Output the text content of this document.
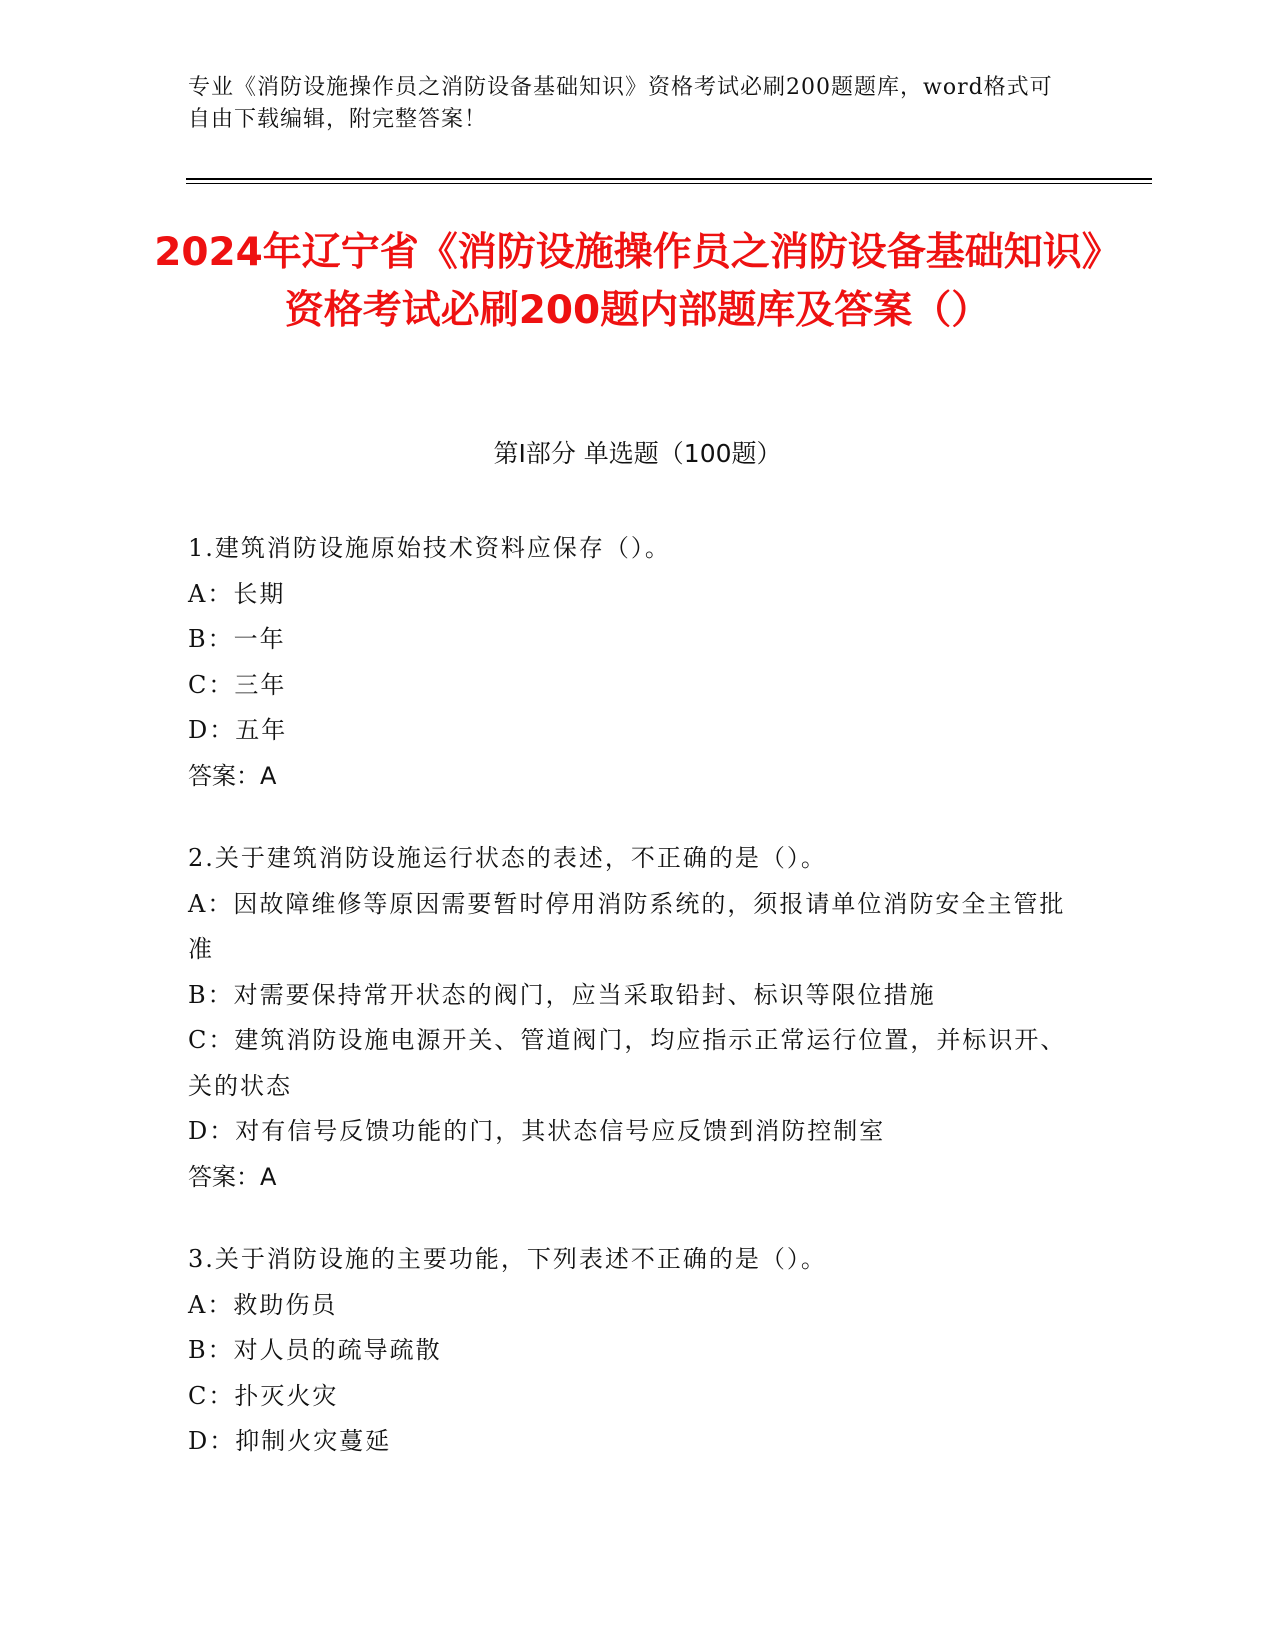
专业《消防设施操作员之消防设备基础知识》资格考试必刷200题题库，word格式可自由下载编辑，附完整答案！
2024年辽宁省《消防设施操作员之消防设备基础知识》资格考试必刷200题内部题库及答案（）
第I部分 单选题（100题）
1.建筑消防设施原始技术资料应保存（）。
A：长期
B：一年
C：三年
D：五年
答案：A
2.关于建筑消防设施运行状态的表述，不正确的是（）。
A：因故障维修等原因需要暂时停用消防系统的，须报请单位消防安全主管批准
B：对需要保持常开状态的阀门，应当采取铅封、标识等限位措施
C：建筑消防设施电源开关、管道阀门，均应指示正常运行位置，并标识开、关的状态
D：对有信号反馈功能的门，其状态信号应反馈到消防控制室
答案：A
3.关于消防设施的主要功能，下列表述不正确的是（）。
A：救助伤员
B：对人员的疏导疏散
C：扑灭火灾
D：抑制火灾蔓延
